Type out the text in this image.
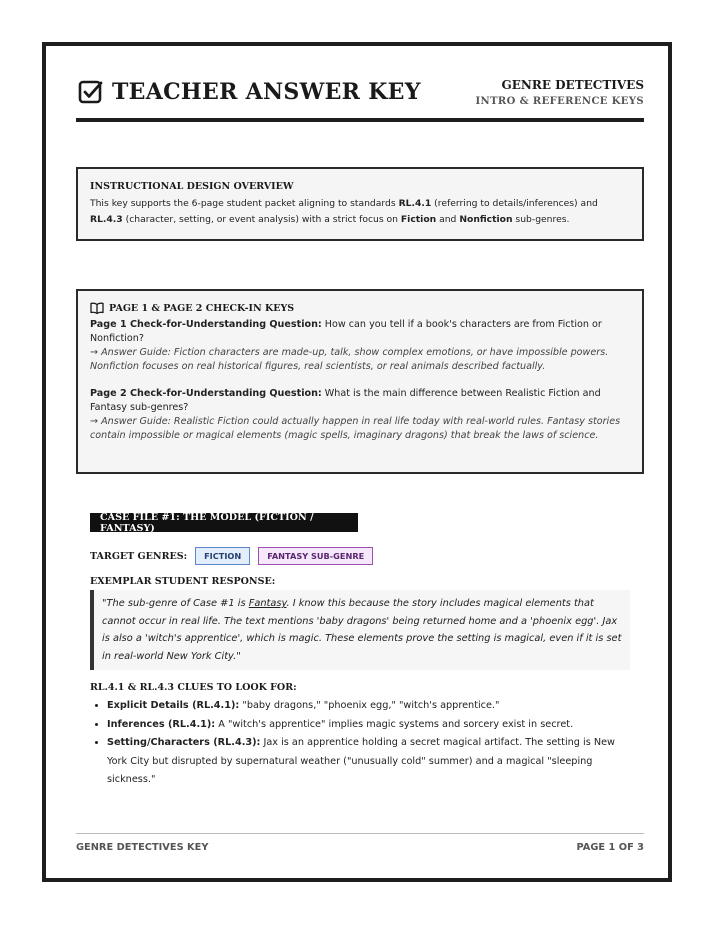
TEACHER ANSWER KEY	GENRE DETECTIVES
INTRO & REFERENCE KEYS
INSTRUCTIONAL DESIGN OVERVIEW

This key supports the 6-page student packet aligning to standards RL.4.1 (referring to details/inferences) and RL.4.3 (character, setting, or event analysis) with a strict focus on Fiction and Nonfiction sub-genres.

PAGE 1 & PAGE 2 CHECK-IN KEYS

Page 1 Check-for-Understanding Question: How can you tell if a book's characters are from Fiction or Nonfiction?

→ Answer Guide: Fiction characters are made-up, talk, show complex emotions, or have impossible powers. Nonfiction focuses on real historical figures, real scientists, or real animals described factually.

Page 2 Check-for-Understanding Question: What is the main difference between Realistic Fiction and Fantasy sub-genres?

→ Answer Guide: Realistic Fiction could actually happen in real life today with real-world rules. Fantasy stories contain impossible or magical elements (magic spells, imaginary dragons) that break the laws of science.

CASE FILE #1: THE MODEL (FICTION / FANTASY)
TARGET GENRES:	FICTION	FANTASY SUB-GENRE
EXEMPLAR STUDENT RESPONSE:

"The sub-genre of Case #1 is Fantasy. I know this because the story includes magical elements that cannot occur in real life. The text mentions 'baby dragons' being returned home and a 'phoenix egg'. Jax is also a 'witch's apprentice', which is magic. These elements prove the setting is magical, even if it is set in real-world New York City."

RL.4.1 & RL.4.3 CLUES TO LOOK FOR:
• Explicit Details (RL.4.1): "baby dragons," "phoenix egg," "witch's apprentice."
• Inferences (RL.4.1): A "witch's apprentice" implies magic systems and sorcery exist in secret.
• Setting/Characters (RL.4.3): Jax is an apprentice holding a secret magical artifact. The setting is New York City but disrupted by supernatural weather ("unusually cold" summer) and a magical "sleeping sickness."
GENRE DETECTIVES KEY	PAGE 1 OF 3
